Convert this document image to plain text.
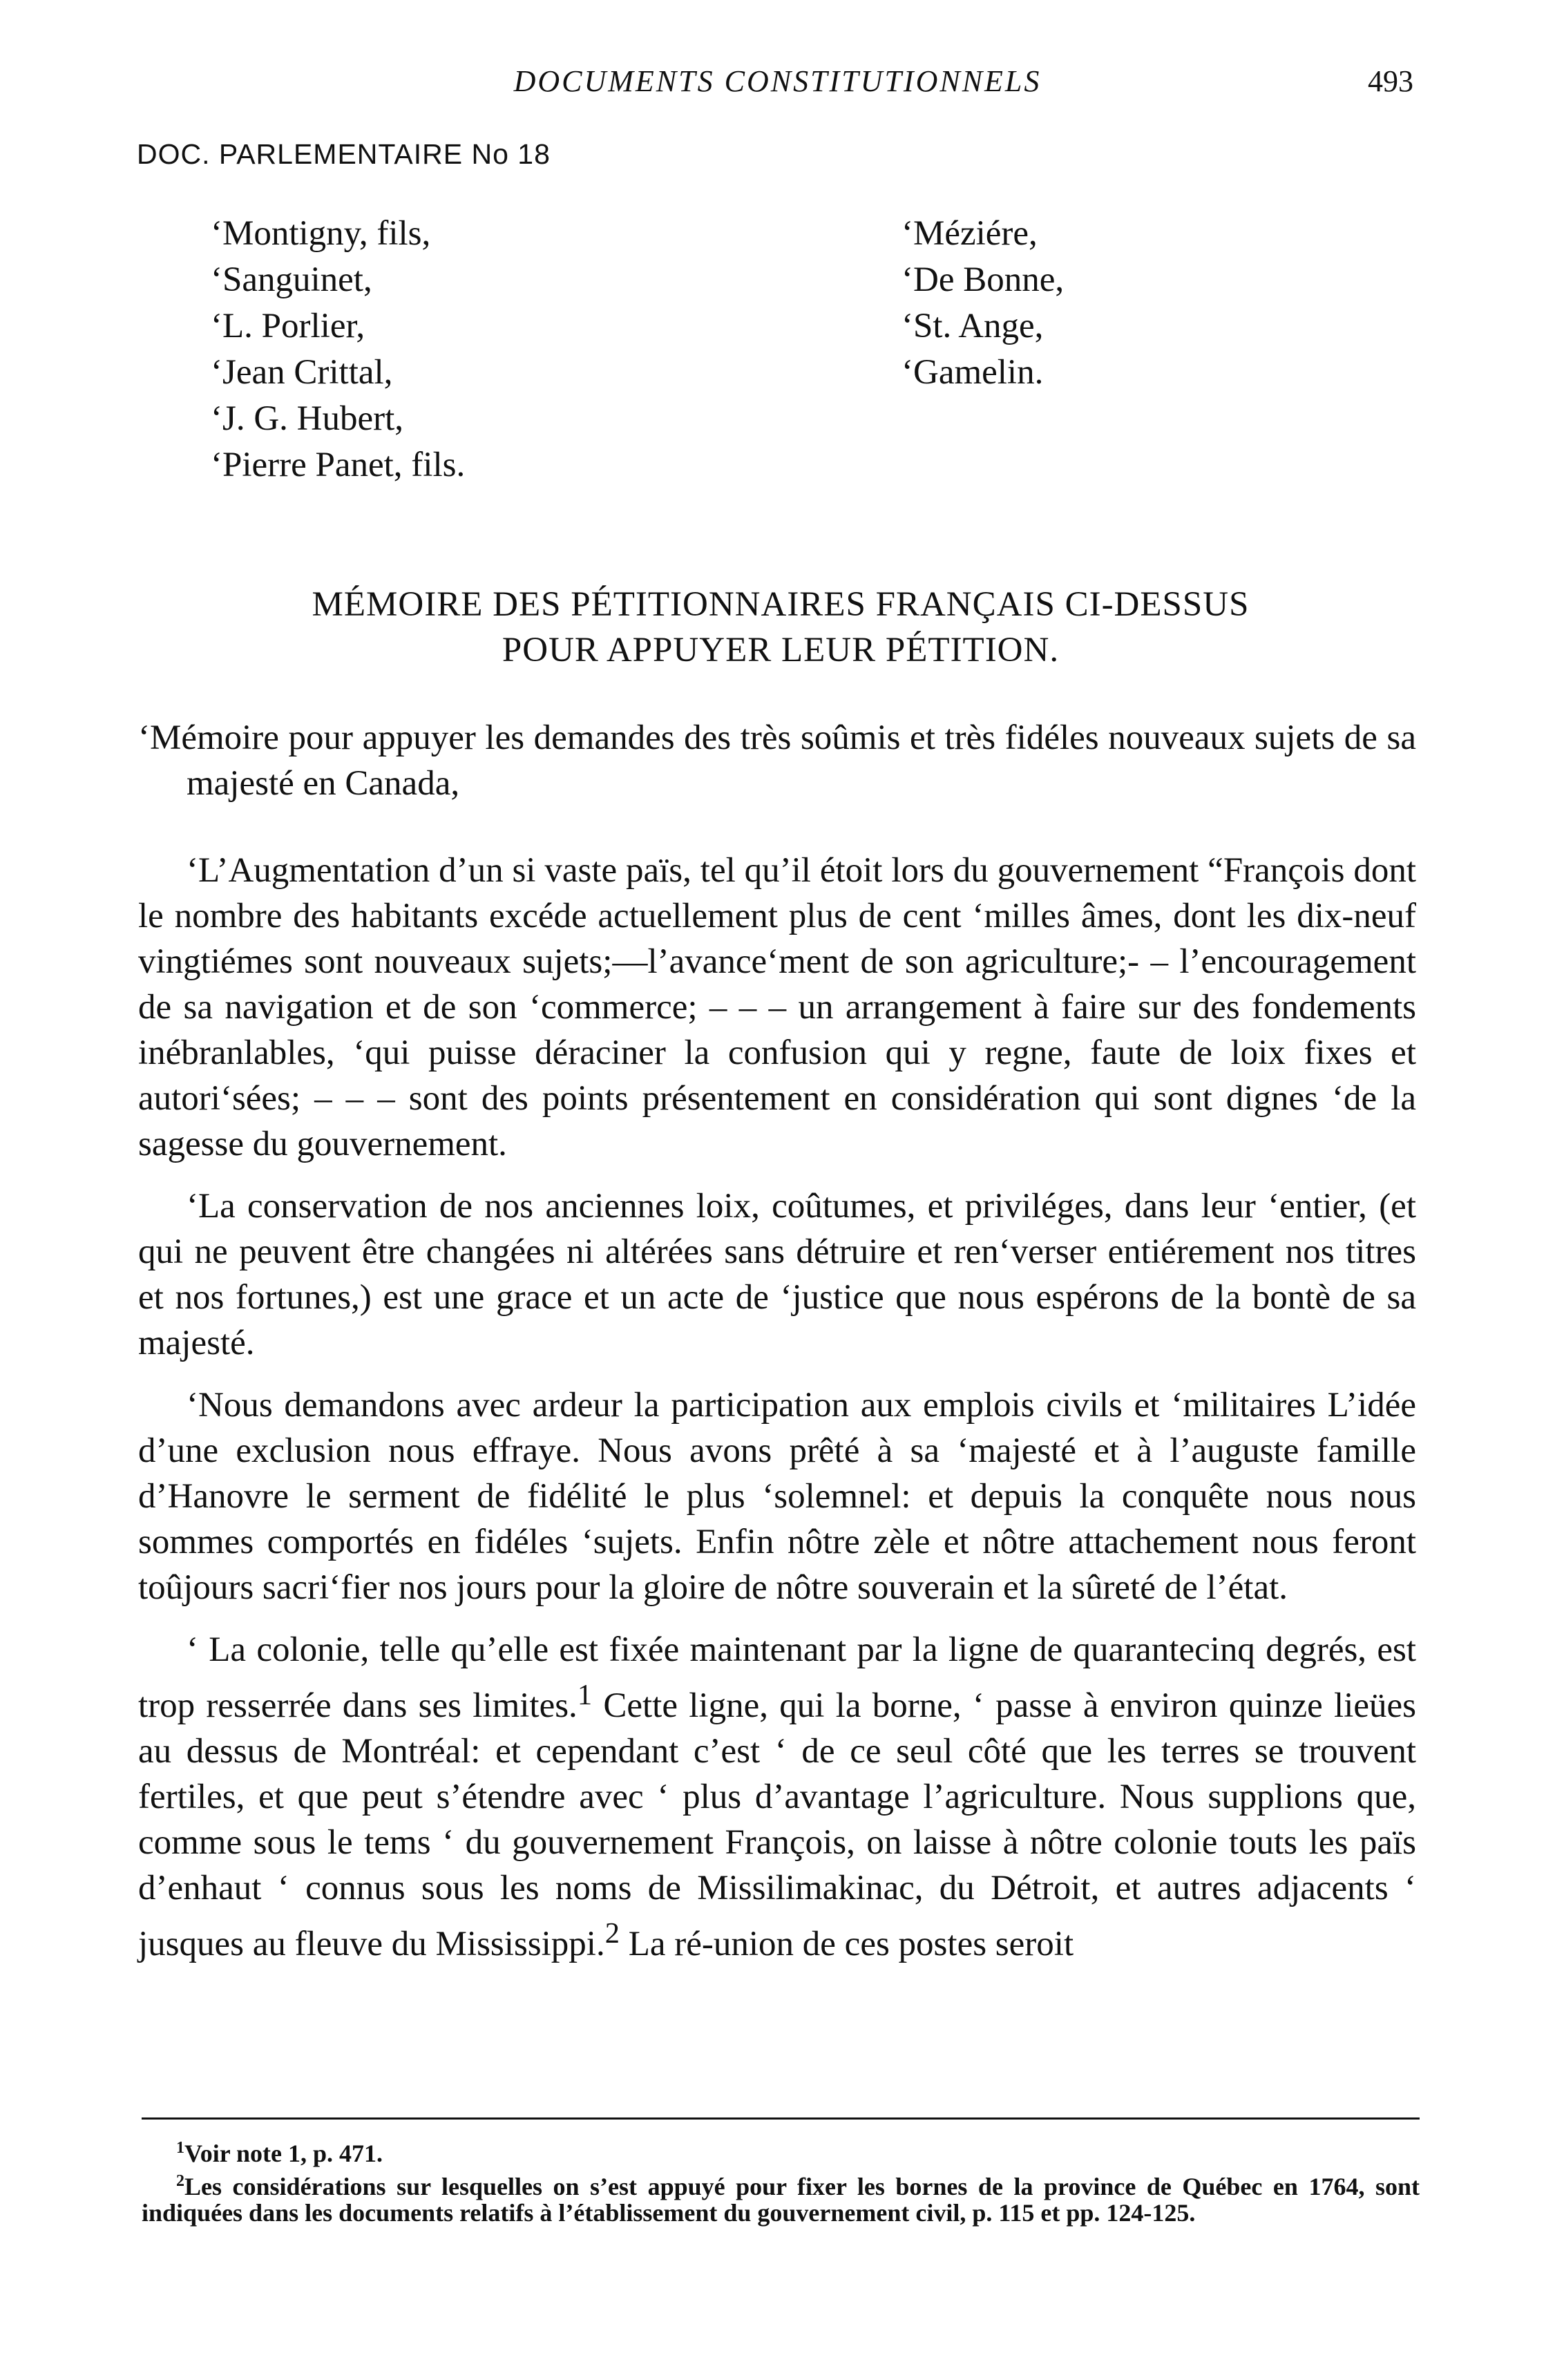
DOCUMENTS CONSTITUTIONNELS	493
DOC. PARLEMENTAIRE No 18
‘Montigny, fils,
‘Sanguinet,
‘L. Porlier,
‘Jean Crittal,
‘J. G. Hubert,
‘Pierre Panet, fils.
‘Méziére,
‘De Bonne,
‘St. Ange,
‘Gamelin.
MÉMOIRE DES PÉTITIONNAIRES FRANÇAIS CI-DESSUS
POUR APPUYER LEUR PÉTITION.

‘Mémoire pour appuyer les demandes des très soûmis et très fidéles nouveaux sujets de sa majesté en Canada,

‘L’Augmentation d’un si vaste païs, tel qu’il étoit lors du gouvernement “François dont le nombre des habitants excéde actuellement plus de cent ‘milles âmes, dont les dix-neuf vingtiémes sont nouveaux sujets;—l’avance‘ment de son agriculture;- – l’encouragement de sa navigation et de son ‘commerce; – – – un arrangement à faire sur des fondements inébranlables, ‘qui puisse déraciner la confusion qui y regne, faute de loix fixes et autori‘sées; – – – sont des points présentement en considération qui sont dignes ‘de la sagesse du gouvernement.

‘La conservation de nos anciennes loix, coûtumes, et priviléges, dans leur ‘entier, (et qui ne peuvent être changées ni altérées sans détruire et ren‘verser entiérement nos titres et nos fortunes,) est une grace et un acte de ‘justice que nous espérons de la bontè de sa majesté.

‘Nous demandons avec ardeur la participation aux emplois civils et ‘militaires L’idée d’une exclusion nous effraye. Nous avons prêté à sa ‘majesté et à l’auguste famille d’Hanovre le serment de fidélité le plus ‘solemnel: et depuis la conquête nous nous sommes comportés en fidéles ‘sujets. Enfin nôtre zèle et nôtre attachement nous feront toûjours sacri‘fier nos jours pour la gloire de nôtre souverain et la sûreté de l’état.

‘ La colonie, telle qu’elle est fixée maintenant par la ligne de quarantecinq degrés, est trop resserrée dans ses limites.$^1$ Cette ligne, qui la borne, ‘ passe à environ quinze lieües au dessus de Montréal: et cependant c’est ‘ de ce seul côté que les terres se trouvent fertiles, et que peut s’étendre avec ‘ plus d’avantage l’agriculture. Nous supplions que, comme sous le tems ‘ du gouvernement François, on laisse à nôtre colonie touts les païs d’enhaut ‘ connus sous les noms de Missilimakinac, du Détroit, et autres adjacents ‘ jusques au fleuve du Mississippi.$^2$ La ré-union de ces postes seroit

$^1$Voir note 1, p. 471.

$^2$Les considérations sur lesquelles on s’est appuyé pour fixer les bornes de la province de Québec en 1764, sont indiquées dans les documents relatifs à l’établissement du gouvernement civil, p. 115 et pp. 124-125.
